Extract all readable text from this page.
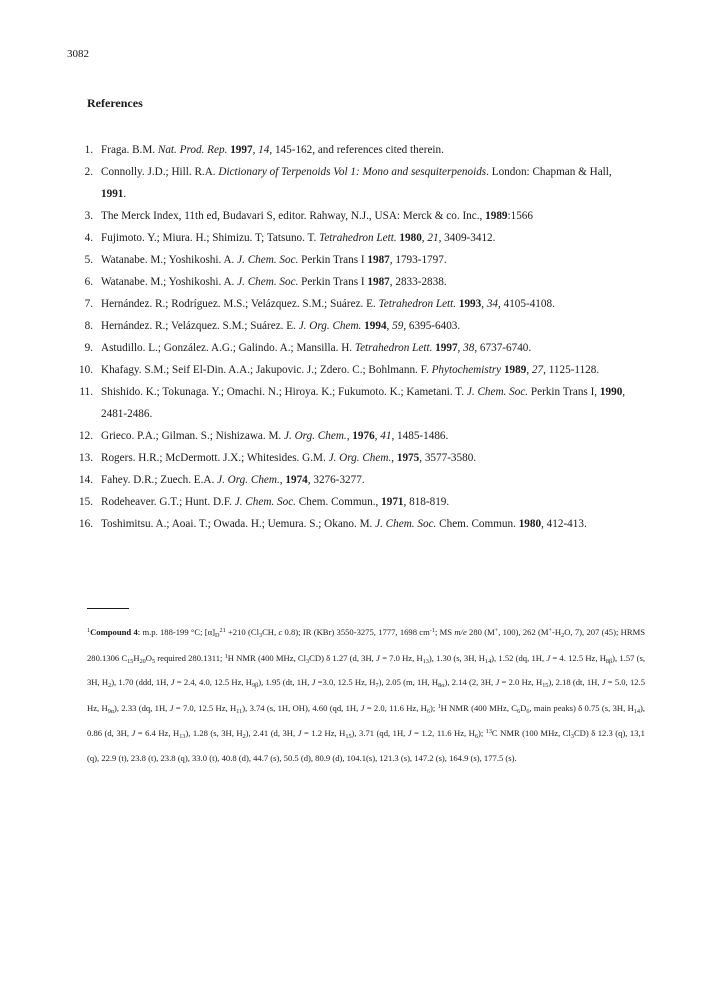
3082
References
1 . Fraga. B.M. Nat. Prod. Rep. 1997, 14, 145-162, and references cited therein.
2 . Connolly. J.D.; Hill. R.A. Dictionary of Terpenoids Vol 1: Mono and sesquiterpenoids. London: Chapman & Hall, 1991.
3 . The Merck Index, 11th ed, Budavari S, editor. Rahway, N.J., USA: Merck & co. Inc., 1989:1566
4 . Fujimoto. Y.; Miura. H.; Shimizu. T; Tatsuno. T. Tetrahedron Lett. 1980, 21, 3409-3412.
5 . Watanabe. M.; Yoshikoshi. A. J. Chem. Soc. Perkin Trans I 1987, 1793-1797.
6 . Watanabe. M.; Yoshikoshi. A. J. Chem. Soc. Perkin Trans I 1987, 2833-2838.
7 . Hernández. R.; Rodríguez. M.S.; Velázquez. S.M.; Suárez. E. Tetrahedron Lett. 1993, 34, 4105-4108.
8 . Hernández. R.; Velázquez. S.M.; Suárez. E. J. Org. Chem. 1994, 59, 6395-6403.
9 . Astudillo. L.; González. A.G.; Galindo. A.; Mansilla. H. Tetrahedron Lett. 1997, 38, 6737-6740.
10 . Khafagy. S.M.; Seif El-Din. A.A.; Jakupovic. J.; Zdero. C.; Bohlmann. F. Phytochemistry 1989, 27, 1125-1128.
11 . Shishido. K.; Tokunaga. Y.; Omachi. N.; Hiroya. K.; Fukumoto. K.; Kametani. T. J. Chem. Soc. Perkin Trans I, 1990, 2481-2486.
12 . Grieco. P.A.; Gilman. S.; Nishizawa. M. J. Org. Chem., 1976, 41, 1485-1486.
13 . Rogers. H.R.; McDermott. J.X.; Whitesides. G.M. J. Org. Chem., 1975, 3577-3580.
14 . Fahey. D.R.; Zuech. E.A. J. Org. Chem., 1974, 3276-3277.
15 . Rodeheaver. G.T.; Hunt. D.F. J. Chem. Soc. Chem. Commun., 1971, 818-819.
16 . Toshimitsu. A.; Aoai. T.; Owada. H.; Uemura. S.; Okano. M. J. Chem. Soc. Chem. Commun. 1980, 412-413.
$^1$Compound 4: m.p. 188-199 °C; $[\alpha]_D^{21} +210$ ($Cl_3CH$, c 0.8); IR (KBr) 3550-3275, 1777, 1698 $cm^{-1}$; MS m/e 280 (M+, 100), 262 ($M^+-H_2O$, 7), 207 (45); HRMS 280.1306 $C_{15}H_{20}O_5$ required 280.1311; $^1$H NMR (400 MHz, $Cl_3CD$) δ 1.27 (d, 3H, J = 7.0 Hz, $H_{13}$), 1.30 (s, 3H, $H_{14}$), 1.52 (dq, 1H, J = 4. 12.5 Hz, $H_{8\beta}$), 1.57 (s, 3H, $H_2$), 1.70 (ddd, 1H, J = 2.4, 4.0, 12.5 Hz, $H_{9\beta}$), 1.95 (dt, 1H, J =3.0, 12.5 Hz, $H_7$), 2.05 (m, 1H, $H_{8\alpha}$), 2.14 (2, 3H, J = 2.0 Hz, $H_{15}$), 2.18 (dt, 1H, J = 5.0, 12.5 Hz, $H_{9\alpha}$), 2.33 (dq, 1H, J = 7.0, 12.5 Hz, $H_{11}$), 3.74 (s, 1H, OH), 4.60 (qd, 1H, J = 2.0, 11.6 Hz, $H_6$); $^1$H NMR (400 MHz, $C_6D_6$, main peaks) δ 0.75 (s, 3H, $H_{14}$), 0.86 (d, 3H, J = 6.4 Hz, $H_{13}$), 1.28 (s, 3H, $H_2$), 2.41 (d, 3H, J = 1.2 Hz, $H_{15}$), 3.71 (qd, 1H, J = 1.2, 11.6 Hz, $H_6$); $^{13}$C NMR (100 MHz, $Cl_3CD$) δ 12.3 (q), 13,1 (q), 22.9 (t), 23.8 (t), 23.8 (q), 33.0 (t), 40.8 (d), 44.7 (s), 50.5 (d), 80.9 (d), 104.1(s), 121.3 (s), 147.2 (s), 164.9 (s), 177.5 (s).
